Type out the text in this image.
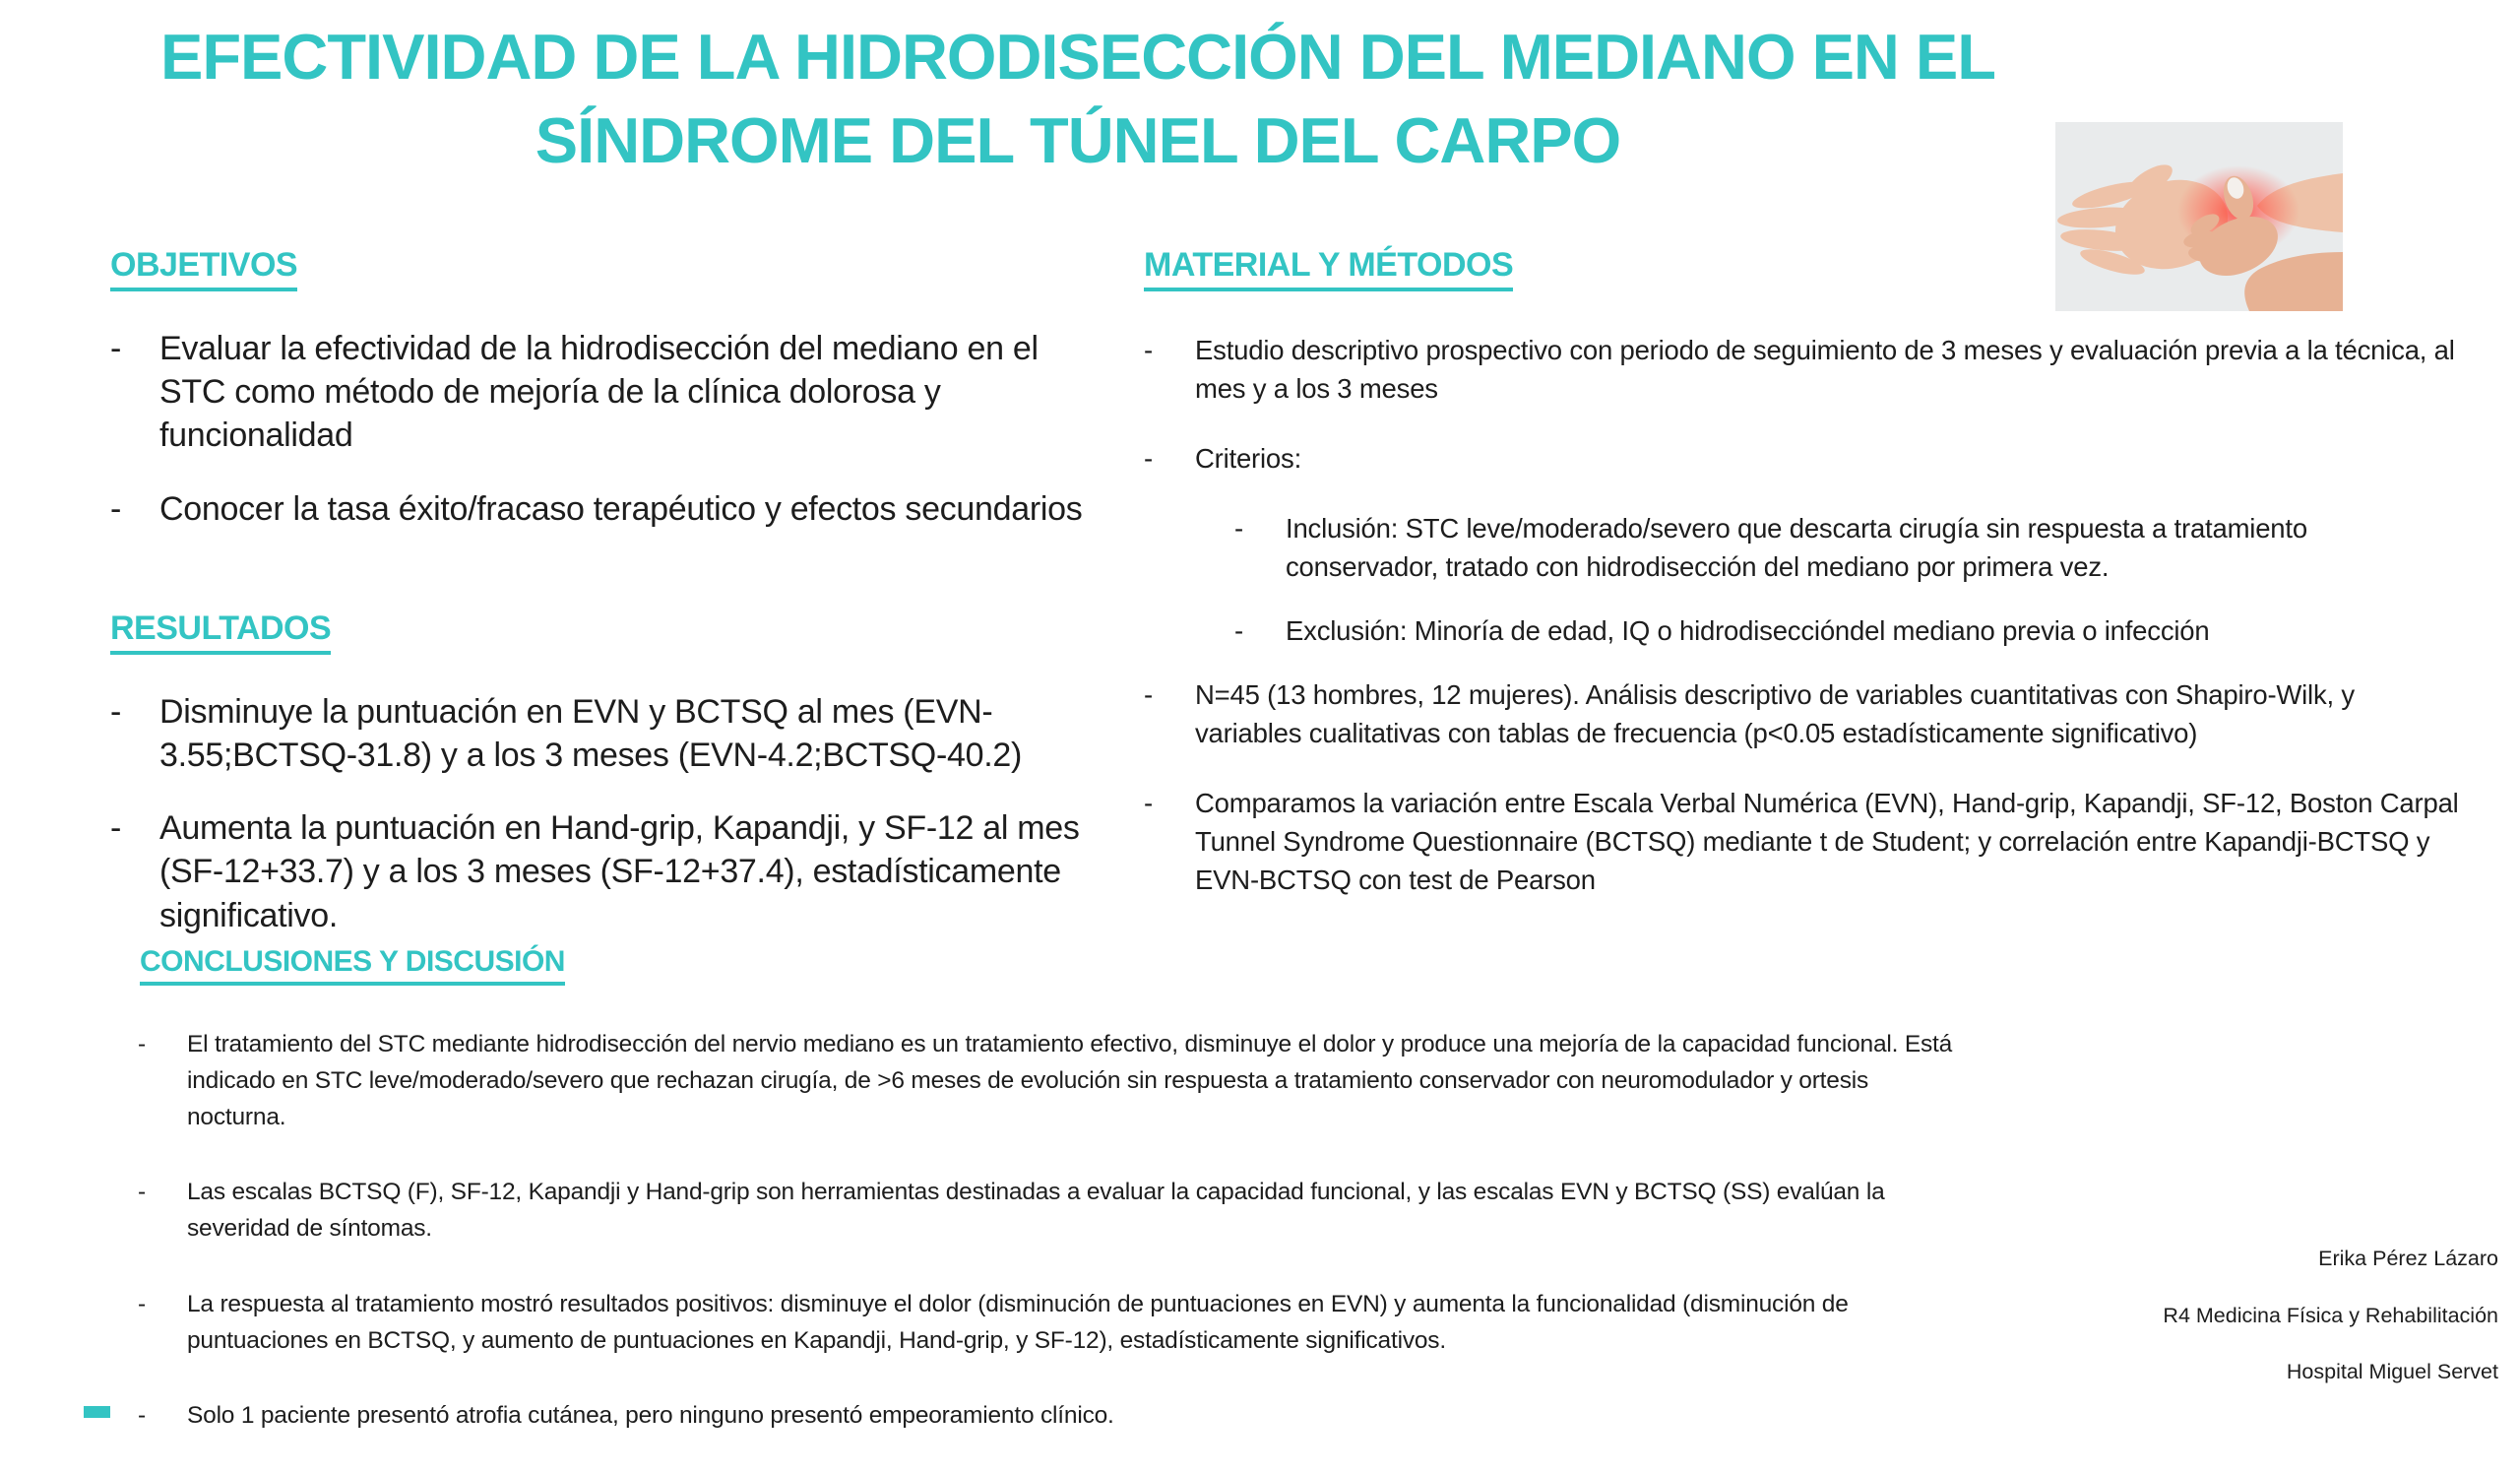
EFECTIVIDAD DE LA HIDRODISECCIÓN DEL MEDIANO EN EL
SÍNDROME DEL TÚNEL DEL CARPO
OBJETIVOS
-	Evaluar la efectividad de la hidrodisección del mediano en el STC como método de mejoría de la clínica dolorosa y funcionalidad
-	Conocer la tasa éxito/fracaso terapéutico y efectos secundarios
RESULTADOS
-	Disminuye la puntuación en EVN y BCTSQ al mes (EVN-3.55;BCTSQ-31.8) y a los 3 meses (EVN-4.2;BCTSQ-40.2)
-	Aumenta la puntuación en Hand-grip, Kapandji, y SF-12 al mes (SF-12+33.7) y a los 3 meses (SF-12+37.4), estadísticamente significativo.
MATERIAL Y MÉTODOS
-	Estudio descriptivo prospectivo con periodo de seguimiento de 3 meses y evaluación previa a la técnica, al mes y a los 3 meses
-	Criterios:
-	Inclusión: STC leve/moderado/severo que descarta cirugía sin respuesta a tratamiento conservador, tratado con hidrodisección del mediano por primera vez.
-	Exclusión: Minoría de edad, IQ o hidrodiseccióndel mediano previa o infección
-	N=45 (13 hombres, 12 mujeres). Análisis descriptivo de variables cuantitativas con Shapiro-Wilk, y variables cualitativas con tablas de frecuencia (p<0.05 estadísticamente significativo)
-	Comparamos la variación entre Escala Verbal Numérica (EVN), Hand-grip, Kapandji, SF-12, Boston Carpal Tunnel Syndrome Questionnaire (BCTSQ) mediante t de Student; y correlación entre Kapandji-BCTSQ y EVN-BCTSQ con test de Pearson
CONCLUSIONES Y DISCUSIÓN
-	El tratamiento del STC mediante hidrodisección del nervio mediano es un tratamiento efectivo, disminuye el dolor y produce una mejoría de la capacidad funcional. Está indicado en STC leve/moderado/severo que rechazan cirugía, de >6 meses de evolución sin respuesta a tratamiento conservador con neuromodulador y ortesis nocturna.
-	Las escalas BCTSQ (F), SF-12, Kapandji y Hand-grip son herramientas destinadas a evaluar la capacidad funcional, y las escalas EVN y BCTSQ (SS) evalúan la severidad de síntomas.
-	La respuesta al tratamiento mostró resultados positivos: disminuye el dolor (disminución de puntuaciones en EVN) y aumenta la funcionalidad (disminución de puntuaciones en BCTSQ, y aumento de puntuaciones en Kapandji, Hand-grip, y SF-12), estadísticamente significativos.
-	Solo 1 paciente presentó atrofia cutánea, pero ninguno presentó empeoramiento clínico.
Erika Pérez Lázaro
R4 Medicina Física y Rehabilitación
Hospital Miguel Servet
